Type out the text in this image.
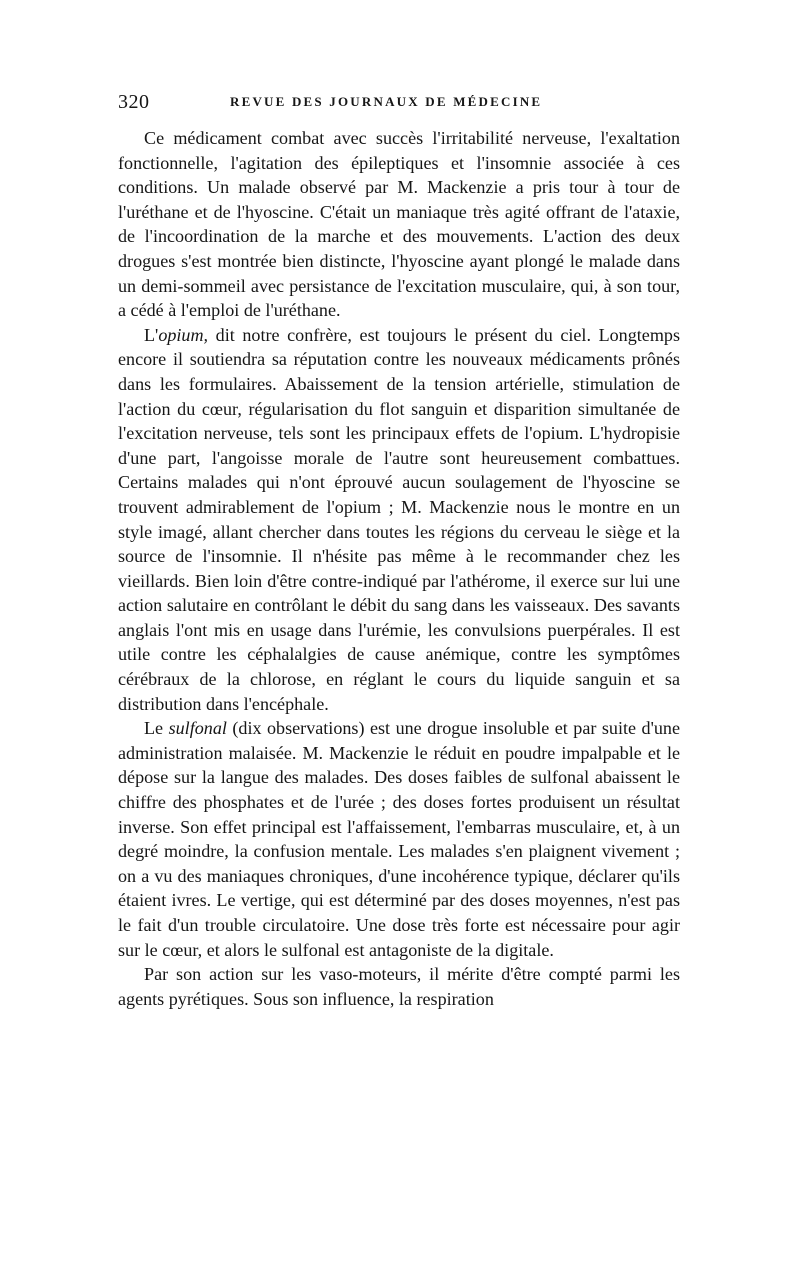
320	REVUE DES JOURNAUX DE MÉDECINE

Ce médicament combat avec succès l'irritabilité nerveuse, l'exaltation fonctionnelle, l'agitation des épileptiques et l'insomnie associée à ces conditions. Un malade observé par M. Mackenzie a pris tour à tour de l'uréthane et de l'hyoscine. C'était un maniaque très agité offrant de l'ataxie, de l'incoordination de la marche et des mouvements. L'action des deux drogues s'est montrée bien distincte, l'hyoscine ayant plongé le malade dans un demi-sommeil avec persistance de l'excitation musculaire, qui, à son tour, a cédé à l'emploi de l'uréthane.

L'opium, dit notre confrère, est toujours le présent du ciel. Longtemps encore il soutiendra sa réputation contre les nouveaux médicaments prônés dans les formulaires. Abaissement de la tension artérielle, stimulation de l'action du cœur, régularisation du flot sanguin et disparition simultanée de l'excitation nerveuse, tels sont les principaux effets de l'opium. L'hydropisie d'une part, l'angoisse morale de l'autre sont heureusement combattues. Certains malades qui n'ont éprouvé aucun soulagement de l'hyoscine se trouvent admirablement de l'opium ; M. Mackenzie nous le montre en un style imagé, allant chercher dans toutes les régions du cerveau le siège et la source de l'insomnie. Il n'hésite pas même à le recommander chez les vieillards. Bien loin d'être contre-indiqué par l'athérome, il exerce sur lui une action salutaire en contrôlant le débit du sang dans les vaisseaux. Des savants anglais l'ont mis en usage dans l'urémie, les convulsions puerpérales. Il est utile contre les céphalalgies de cause anémique, contre les symptômes cérébraux de la chlorose, en réglant le cours du liquide sanguin et sa distribution dans l'encéphale.

Le sulfonal (dix observations) est une drogue insoluble et par suite d'une administration malaisée. M. Mackenzie le réduit en poudre impalpable et le dépose sur la langue des malades. Des doses faibles de sulfonal abaissent le chiffre des phosphates et de l'urée ; des doses fortes produisent un résultat inverse. Son effet principal est l'affaissement, l'embarras musculaire, et, à un degré moindre, la confusion mentale. Les malades s'en plaignent vivement ; on a vu des maniaques chroniques, d'une incohérence typique, déclarer qu'ils étaient ivres. Le vertige, qui est déterminé par des doses moyennes, n'est pas le fait d'un trouble circulatoire. Une dose très forte est nécessaire pour agir sur le cœur, et alors le sulfonal est antagoniste de la digitale.

Par son action sur les vaso-moteurs, il mérite d'être compté parmi les agents pyrétiques. Sous son influence, la respiration
